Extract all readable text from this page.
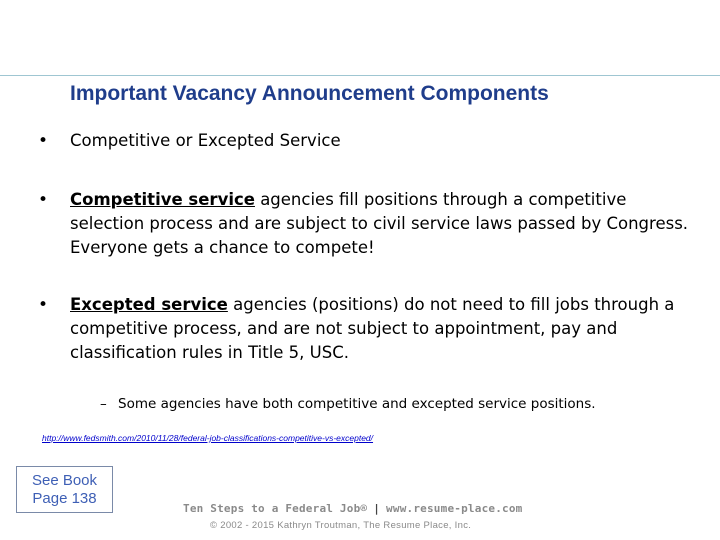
Important Vacancy Announcement Components
• Competitive or Excepted Service
• Competitive service agencies fill positions through a competitive selection process and are subject to civil service laws passed by Congress. Everyone gets a chance to compete!
• Excepted service agencies (positions) do not need to fill jobs through a competitive process, and are not subject to appointment, pay and classification rules in Title 5, USC.
– Some agencies have both competitive and excepted service positions.
http://www.fedsmith.com/2010/11/28/federal-job-classifications-competitive-vs-excepted/
See Book
Page 138
Ten Steps to a Federal Job® | www.resume-place.com
© 2002 - 2015 Kathryn Troutman, The Resume Place, Inc.
